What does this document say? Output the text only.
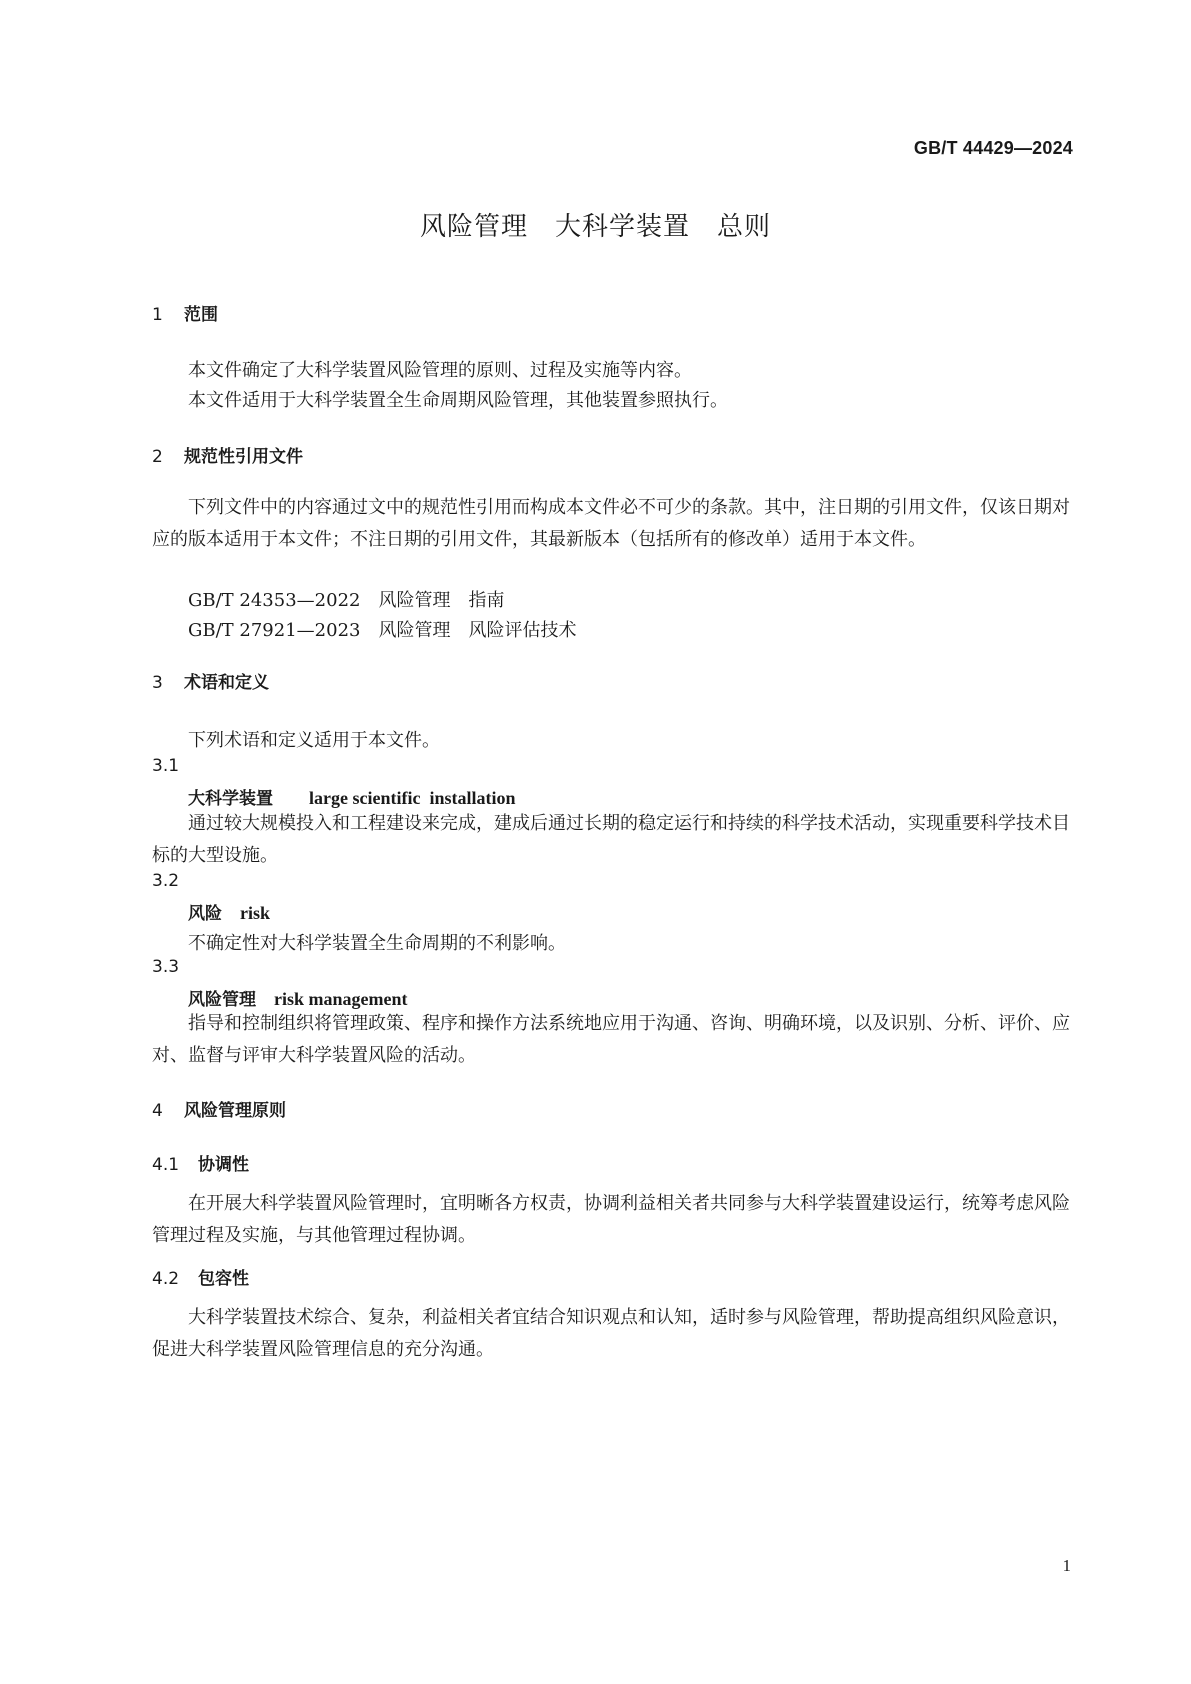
GB/T 44429—2024
风险管理　大科学装置　总则
1 范围
本文件确定了大科学装置风险管理的原则、过程及实施等内容。
本文件适用于大科学装置全生命周期风险管理，其他装置参照执行。
2 规范性引用文件
下列文件中的内容通过文中的规范性引用而构成本文件必不可少的条款。其中，注日期的引用文件，仅该日期对应的版本适用于本文件；不注日期的引用文件，其最新版本（包括所有的修改单）适用于本文件。
GB/T 24353—2022　风险管理　指南
GB/T 27921—2023　风险管理　风险评估技术
3 术语和定义
下列术语和定义适用于本文件。
3.1
大科学装置 large scientific  installation
通过较大规模投入和工程建设来完成，建成后通过长期的稳定运行和持续的科学技术活动，实现重要科学技术目标的大型设施。
3.2
风险 risk
不确定性对大科学装置全生命周期的不利影响。
3.3
风险管理 risk management
指导和控制组织将管理政策、程序和操作方法系统地应用于沟通、咨询、明确环境，以及识别、分析、评价、应对、监督与评审大科学装置风险的活动。
4 风险管理原则
4.1 协调性
在开展大科学装置风险管理时，宜明晰各方权责，协调利益相关者共同参与大科学装置建设运行，统筹考虑风险管理过程及实施，与其他管理过程协调。
4.2 包容性
大科学装置技术综合、复杂，利益相关者宜结合知识观点和认知，适时参与风险管理，帮助提高组织风险意识，促进大科学装置风险管理信息的充分沟通。
1
